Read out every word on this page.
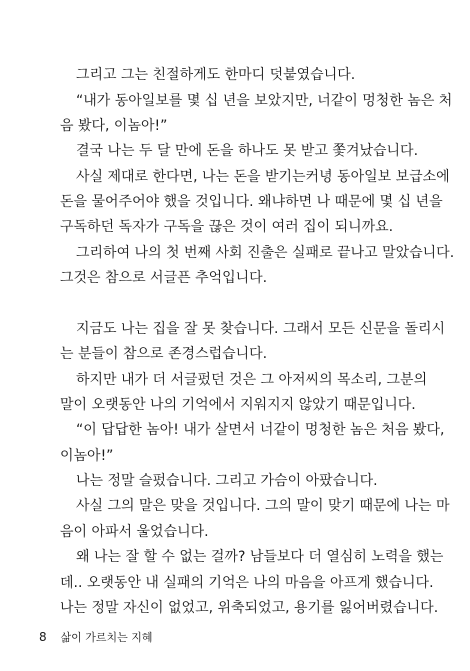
그리고 그는 친절하게도 한마디 덧붙였습니다.
“내가 동아일보를 몇 십 년을 보았지만, 너같이 멍청한 놈은 처
음 봤다, 이놈아!”
결국 나는 두 달 만에 돈을 하나도 못 받고 쫓겨났습니다.
사실 제대로 한다면, 나는 돈을 받기는커녕 동아일보 보급소에
돈을 물어주어야 했을 것입니다. 왜냐하면 나 때문에 몇 십 년을
구독하던 독자가 구독을 끊은 것이 여러 집이 되니까요.
그리하여 나의 첫 번째 사회 진출은 실패로 끝나고 말았습니다.
그것은 참으로 서글픈 추억입니다.
지금도 나는 집을 잘 못 찾습니다. 그래서 모든 신문을 돌리시
는 분들이 참으로 존경스럽습니다.
하지만 내가 더 서글펐던 것은 그 아저씨의 목소리, 그분의
말이 오랫동안 나의 기억에서 지워지지 않았기 때문입니다.
“이 답답한 놈아! 내가 살면서 너같이 멍청한 놈은 처음 봤다,
이놈아!”
나는 정말 슬펐습니다. 그리고 가슴이 아팠습니다.
사실 그의 말은 맞을 것입니다. 그의 말이 맞기 때문에 나는 마
음이 아파서 울었습니다.
왜 나는 잘 할 수 없는 걸까? 남들보다 더 열심히 노력을 했는
데.. 오랫동안 내 실패의 기억은 나의 마음을 아프게 했습니다.
나는 정말 자신이 없었고, 위축되었고, 용기를 잃어버렸습니다.
8 삶이 가르치는 지혜
